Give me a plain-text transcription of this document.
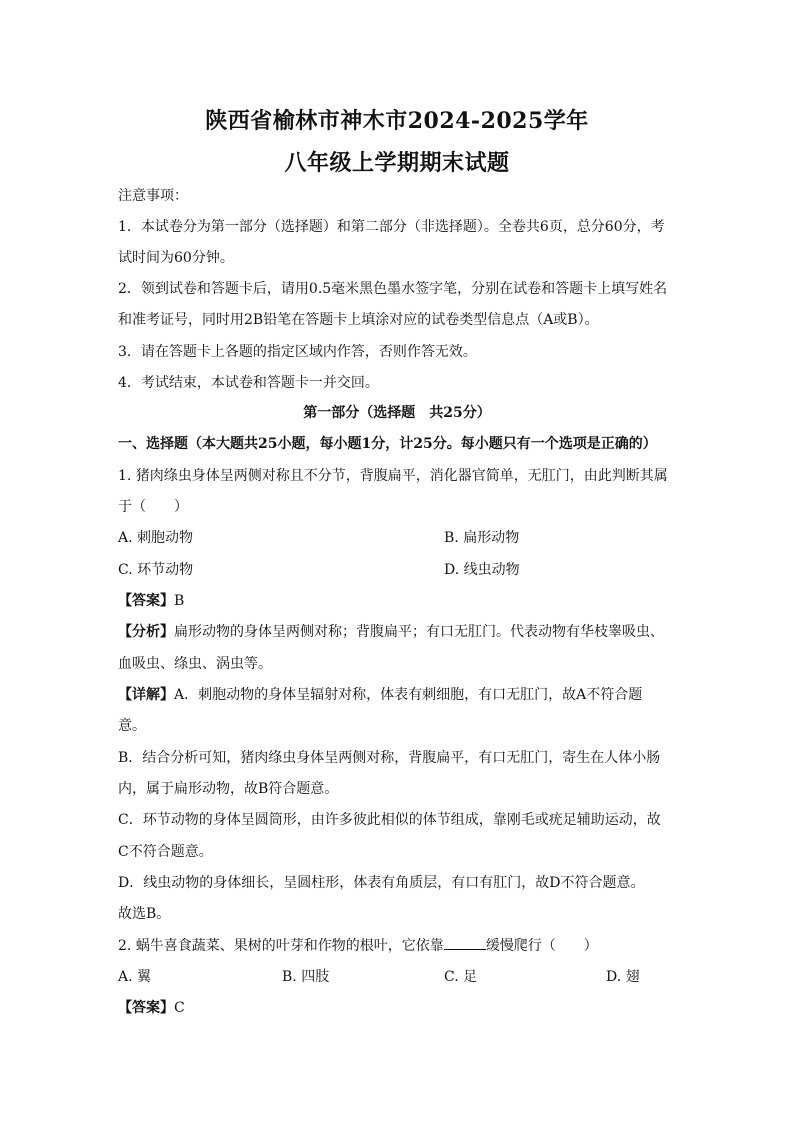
陕西省榆林市神木市2024-2025学年
八年级上学期期末试题
注意事项：
1．本试卷分为第一部分（选择题）和第二部分（非选择题）。全卷共6页，总分60分，考
试时间为60分钟。
2．领到试卷和答题卡后，请用0.5毫米黑色墨水签字笔，分别在试卷和答题卡上填写姓名
和准考证号，同时用2B铅笔在答题卡上填涂对应的试卷类型信息点（A或B）。
3．请在答题卡上各题的指定区域内作答，否则作答无效。
4．考试结束，本试卷和答题卡一并交回。
第一部分（选择题　共25分）
一、选择题（本大题共25小题，每小题1分，计25分。每小题只有一个选项是正确的）
1. 猪肉绦虫身体呈两侧对称且不分节，背腹扁平，消化器官简单，无肛门，由此判断其属
于（　　）
A. 刺胞动物	B. 扁形动物
C. 环节动物	D. 线虫动物
【答案】B
【分析】扁形动物的身体呈两侧对称；背腹扁平；有口无肛门。代表动物有华枝睾吸虫、
血吸虫、绦虫、涡虫等。
【详解】A．刺胞动物的身体呈辐射对称，体表有刺细胞，有口无肛门，故A不符合题
意。
B．结合分析可知，猪肉绦虫身体呈两侧对称，背腹扁平，有口无肛门，寄生在人体小肠
内，属于扁形动物，故B符合题意。
C．环节动物的身体呈圆筒形，由许多彼此相似的体节组成，靠刚毛或疣足辅助运动，故
C不符合题意。
D．线虫动物的身体细长，呈圆柱形，体表有角质层，有口有肛门，故D不符合题意。
故选B。
2. 蜗牛喜食蔬菜、果树的叶芽和作物的根叶，它依靠	缓慢爬行（　　）
A. 翼	B. 四肢	C. 足	D. 翅
【答案】C
